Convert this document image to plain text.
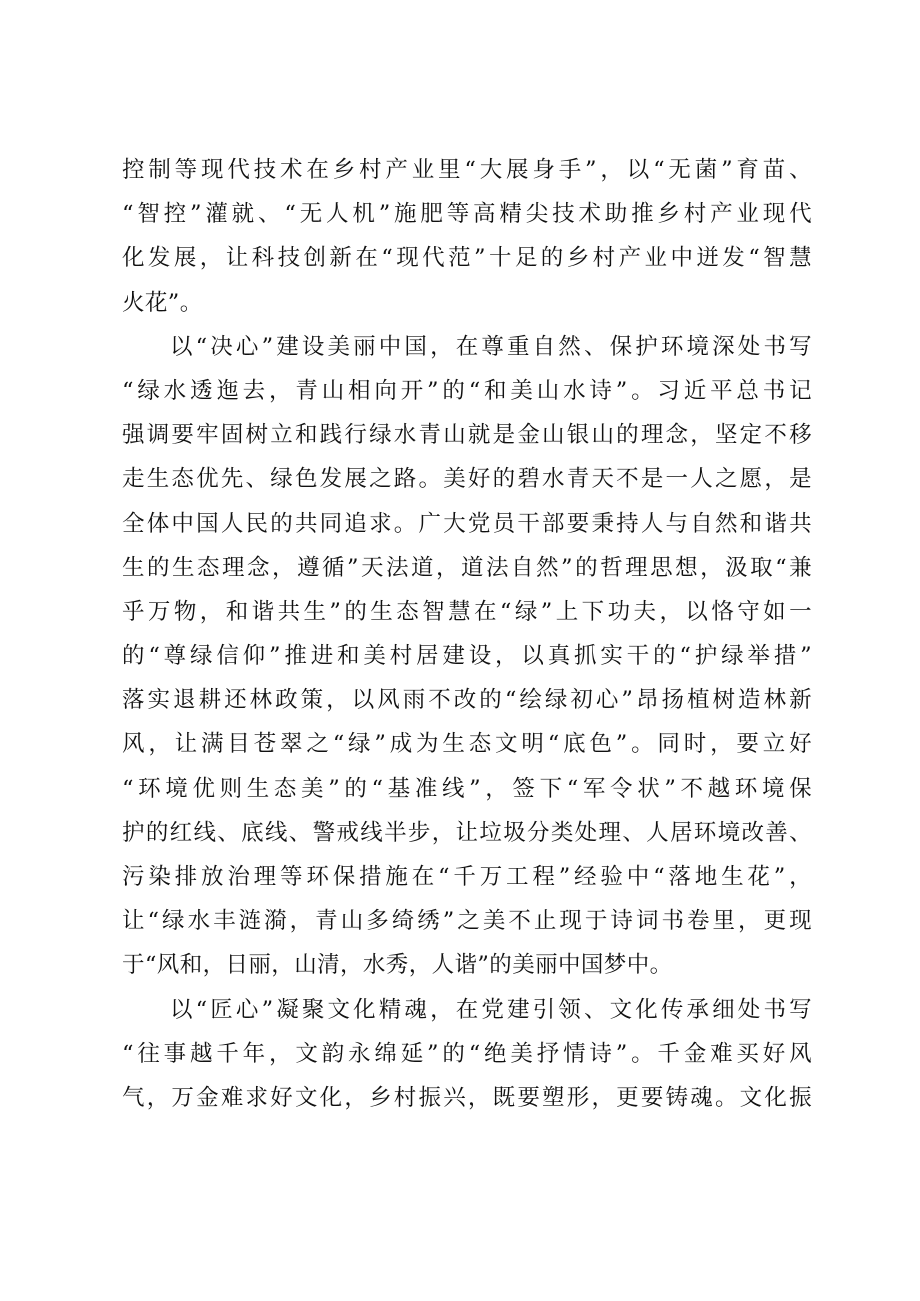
控制等现代技术在乡村产业里“大展身手”，以“无菌”育苗、
“智控”灌就、“无人机”施肥等高精尖技术助推乡村产业现代
化发展，让科技创新在“现代范”十足的乡村产业中迸发“智慧
火花”。
以“决心”建设美丽中国，在尊重自然、保护环境深处书写
“绿水透迤去，青山相向开”的“和美山水诗”。习近平总书记
强调要牢固树立和践行绿水青山就是金山银山的理念，坚定不移
走生态优先、绿色发展之路。美好的碧水青天不是一人之愿，是
全体中国人民的共同追求。广大党员干部要秉持人与自然和谐共
生的生态理念，遵循”天法道，道法自然”的哲理思想，汲取“兼
乎万物，和谐共生”的生态智慧在“绿”上下功夫，以恪守如一
的“尊绿信仰”推进和美村居建设，以真抓实干的“护绿举措”
落实退耕还林政策，以风雨不改的“绘绿初心”昂扬植树造林新
风，让满目苍翠之“绿”成为生态文明“底色”。同时，要立好
“环境优则生态美”的“基准线”，签下“军令状”不越环境保
护的红线、底线、警戒线半步，让垃圾分类处理、人居环境改善、
污染排放治理等环保措施在“千万工程”经验中“落地生花”，
让“绿水丰涟漪，青山多绮绣”之美不止现于诗词书卷里，更现
于“风和，日丽，山清，水秀，人谐”的美丽中国梦中。
以“匠心”凝聚文化精魂，在党建引领、文化传承细处书写
“往事越千年，文韵永绵延”的“绝美抒情诗”。千金难买好风
气，万金难求好文化，乡村振兴，既要塑形，更要铸魂。文化振
